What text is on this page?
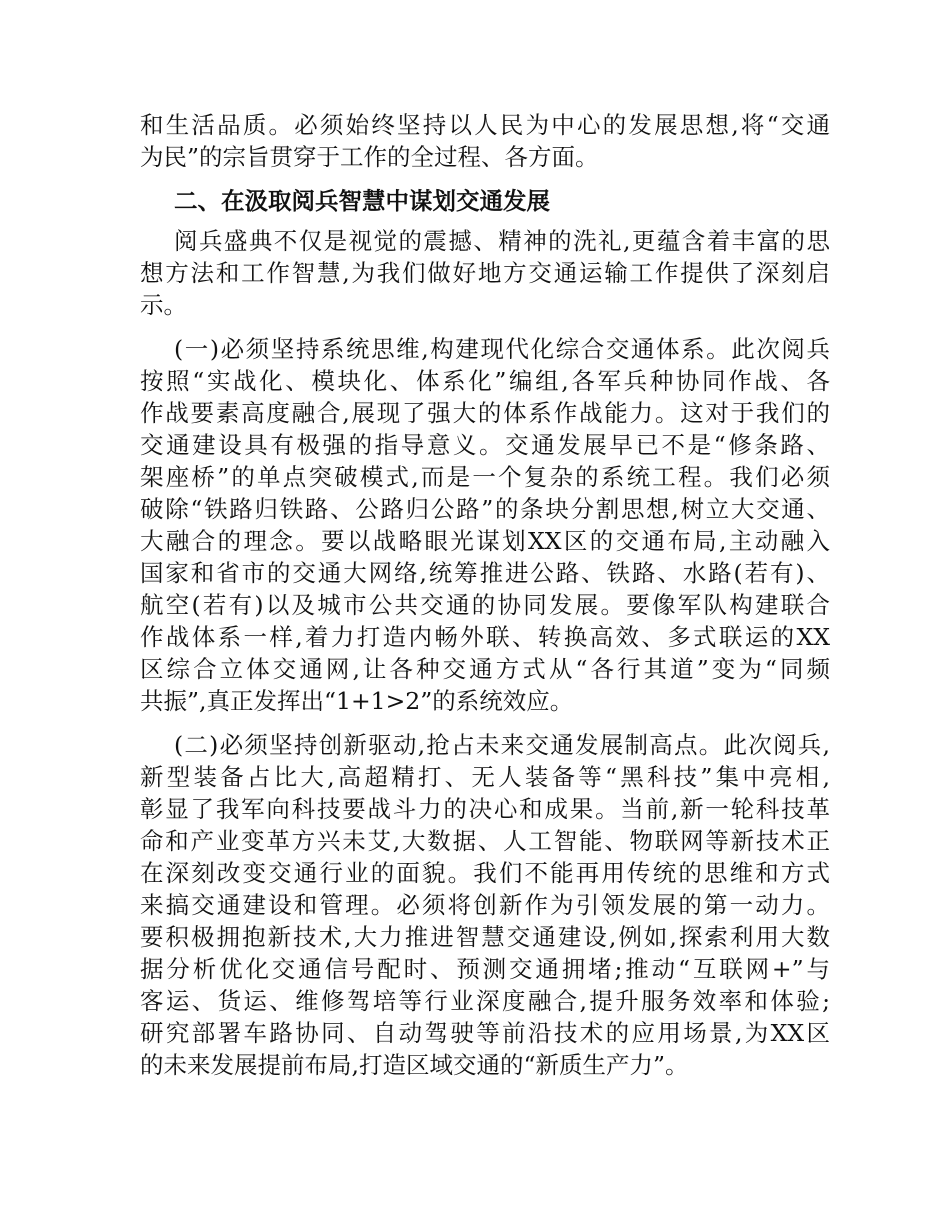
和生活品质。必须始终坚持以人民为中心的发展思想,将“交通
为民”的宗旨贯穿于工作的全过程、各方面。
二、在汲取阅兵智慧中谋划交通发展
阅兵盛典不仅是视觉的震撼、精神的洗礼,更蕴含着丰富的思
想方法和工作智慧,为我们做好地方交通运输工作提供了深刻启
示。
(一)必须坚持系统思维,构建现代化综合交通体系。此次阅兵
按照“实战化、模块化、体系化”编组,各军兵种协同作战、各
作战要素高度融合,展现了强大的体系作战能力。这对于我们的
交通建设具有极强的指导意义。交通发展早已不是“修条路、
架座桥”的单点突破模式,而是一个复杂的系统工程。我们必须
破除“铁路归铁路、公路归公路”的条块分割思想,树立大交通、
大融合的理念。要以战略眼光谋划XX区的交通布局,主动融入
国家和省市的交通大网络,统筹推进公路、铁路、水路(若有)、
航空(若有)以及城市公共交通的协同发展。要像军队构建联合
作战体系一样,着力打造内畅外联、转换高效、多式联运的XX
区综合立体交通网,让各种交通方式从“各行其道”变为“同频
共振”,真正发挥出“1+1>2”的系统效应。
(二)必须坚持创新驱动,抢占未来交通发展制高点。此次阅兵,
新型装备占比大,高超精打、无人装备等“黑科技”集中亮相,
彰显了我军向科技要战斗力的决心和成果。当前,新一轮科技革
命和产业变革方兴未艾,大数据、人工智能、物联网等新技术正
在深刻改变交通行业的面貌。我们不能再用传统的思维和方式
来搞交通建设和管理。必须将创新作为引领发展的第一动力。
要积极拥抱新技术,大力推进智慧交通建设,例如,探索利用大数
据分析优化交通信号配时、预测交通拥堵;推动“互联网+”与
客运、货运、维修驾培等行业深度融合,提升服务效率和体验;
研究部署车路协同、自动驾驶等前沿技术的应用场景,为XX区
的未来发展提前布局,打造区域交通的“新质生产力”。
